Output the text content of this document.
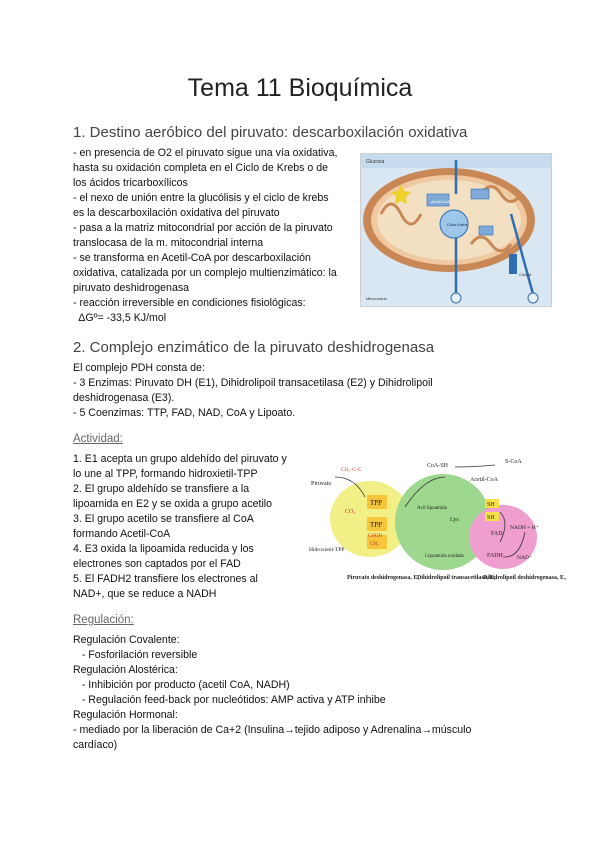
Tema 11 Bioquímica
1. Destino aeróbico del piruvato: descarboxilación oxidativa
- en presencia de O2 el piruvato sigue una vía oxidativa,
hasta su oxidación completa en el Ciclo de Krebs o de
los ácidos tricarboxílicos
- el nexo de unión entre la glucólisis y el ciclo de krebs
es la descarboxilación oxidativa del piruvato
- pasa a la matriz mitocondrial por acción de la piruvato
translocasa de la m. mitocondrial interna
- se transforma en Acetil-CoA por descarboxilación
oxidativa, catalizada por un complejo multienzimático: la
piruvato deshidrogenasa
- reacción irreversible en condiciones fisiológicas:
ΔGº= -33,5 KJ/mol
Glucosa
Acetil-CoA
Ciclo Krebs
Citosol
Mitocondria
2. Complejo enzimático de la piruvato deshidrogenasa
El complejo PDH consta de:
- 3 Enzimas: Piruvato DH (E1), Dihidrolipoil transacetilasa (E2) y Dihidrolipoil
deshidrogenasa (E3).
- 5 Coenzimas: TTP, FAD, NAD, CoA y Lipoato.
Actividad:
1. E1 acepta un grupo aldehído del piruvato y
lo une al TPP, formando hidroxietil-TPP
2. El grupo aldehído se transfiere a la
lipoamida en E2 y se oxida a grupo acetilo
3. El grupo acetilo se transfiere al CoA
formando Acetil-CoA
4. E3 oxida la lipoamida reducida y los
electrones son captados por el FAD
5. El FADH2 transfiere los electrones al
NAD+, que se reduce a NADH
TPP
TPP
CHOH
CH₃
Piruvato
CH₃–C–C
CO₂
Hidroxietil-TPP
CoA-SH
S-CoA
Acetil-CoA
Acil lipoamida
Lys
Lipoamida oxidada
SH
SH
FAD
FADH₂
NADH + H⁺
NAD⁺
Piruvato deshidrogenasa, E₁
Dihidrolipoil transacetilasa, E₂
Dihidrolipoil deshidrogenasa, E₃
Regulación:
Regulación Covalente:
- Fosforilación reversible
Regulación Alostérica:
- Inhibición por producto (acetil CoA, NADH)
- Regulación feed-back por nucleótidos: AMP activa y ATP inhibe
Regulación Hormonal:
- mediado por la liberación de Ca+2 (Insulina→tejido adiposo y Adrenalina→músculo
cardíaco)
